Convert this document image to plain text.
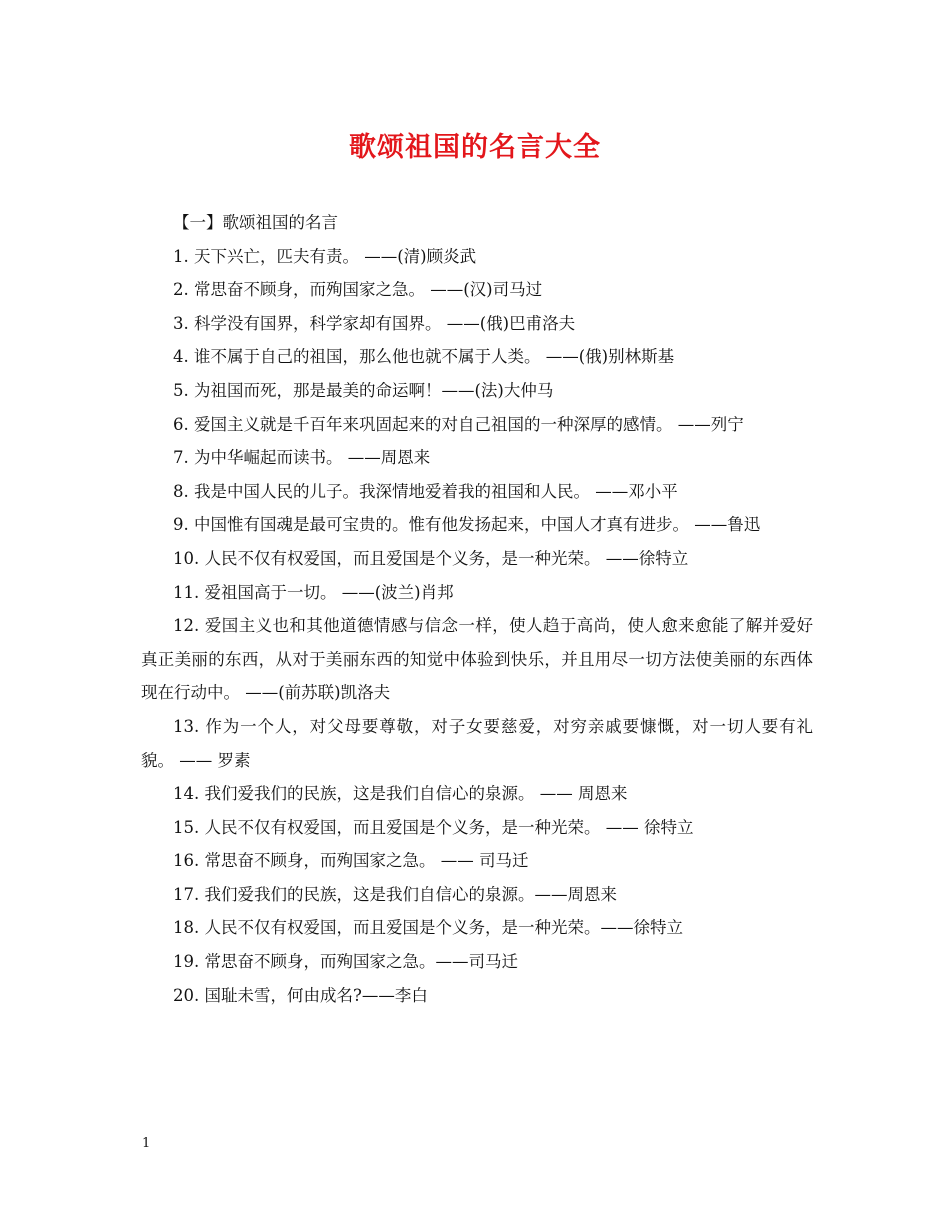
歌颂祖国的名言大全

【一】歌颂祖国的名言

1. 天下兴亡，匹夫有责。 ——(清)顾炎武

2. 常思奋不顾身，而殉国家之急。 ——(汉)司马过

3. 科学没有国界，科学家却有国界。 ——(俄)巴甫洛夫

4. 谁不属于自己的祖国，那么他也就不属于人类。 ——(俄)别林斯基

5. 为祖国而死，那是最美的命运啊！——(法)大仲马

6. 爱国主义就是千百年来巩固起来的对自己祖国的一种深厚的感情。 ——列宁

7. 为中华崛起而读书。 ——周恩来

8. 我是中国人民的儿子。我深情地爱着我的祖国和人民。 ——邓小平

9. 中国惟有国魂是最可宝贵的。惟有他发扬起来，中国人才真有进步。 ——鲁迅

10. 人民不仅有权爱国，而且爱国是个义务，是一种光荣。 ——徐特立

11. 爱祖国高于一切。 ——(波兰)肖邦

12. 爱国主义也和其他道德情感与信念一样，使人趋于高尚，使人愈来愈能了解并爱好真正美丽的东西，从对于美丽东西的知觉中体验到快乐，并且用尽一切方法使美丽的东西体现在行动中。 ——(前苏联)凯洛夫

13. 作为一个人，对父母要尊敬，对子女要慈爱，对穷亲戚要慷慨，对一切人要有礼貌。 —— 罗素

14. 我们爱我们的民族，这是我们自信心的泉源。 —— 周恩来

15. 人民不仅有权爱国，而且爱国是个义务，是一种光荣。 —— 徐特立

16. 常思奋不顾身，而殉国家之急。 —— 司马迁

17. 我们爱我们的民族，这是我们自信心的泉源。——周恩来

18. 人民不仅有权爱国，而且爱国是个义务，是一种光荣。——徐特立

19. 常思奋不顾身，而殉国家之急。——司马迁

20. 国耻未雪，何由成名?——李白

1
